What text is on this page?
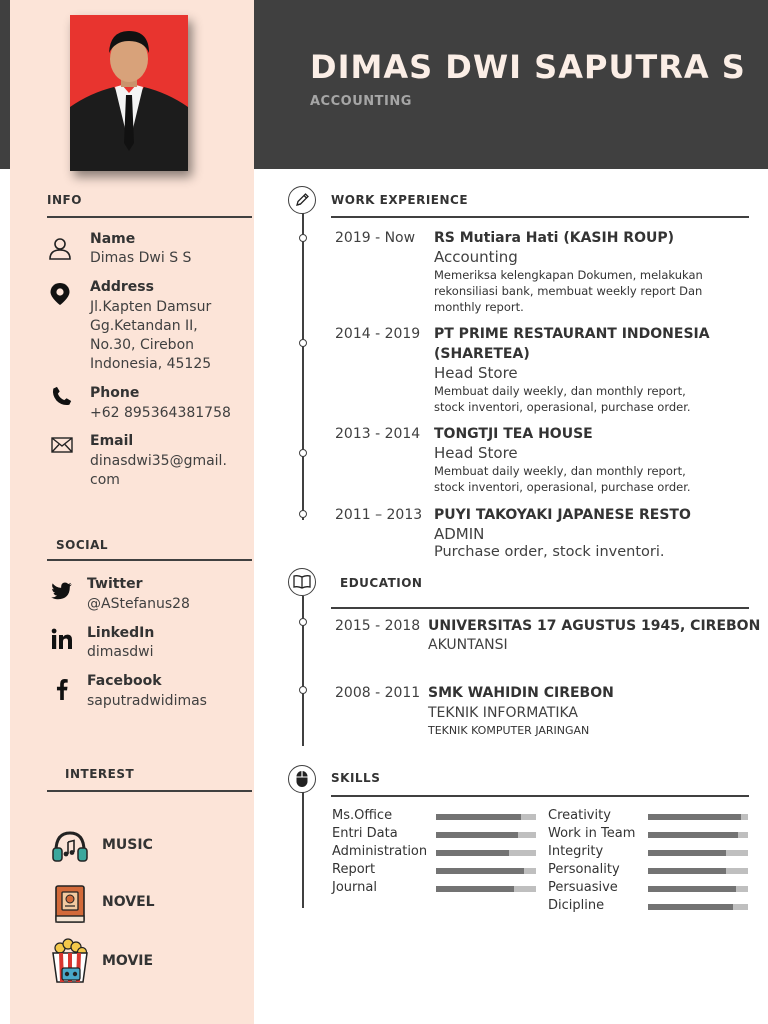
DIMAS DWI SAPUTRA S
ACCOUNTING
INFO
Name
Dimas Dwi S S
Address
Jl.Kapten Damsur
Gg.Ketandan II,
No.30, Cirebon
Indonesia, 45125
Phone
+62 895364381758
Email
dinasdwi35@gmail.
com
SOCIAL
Twitter
@AStefanus28
LinkedIn
dimasdwi
Facebook
saputradwidimas
INTEREST
MUSIC
NOVEL
MOVIE
WORK EXPERIENCE
2019 - Now RS Mutiara Hati (KASIH ROUP)
Accounting
Memeriksa kelengkapan Dokumen, melakukan
rekonsiliasi bank, membuat weekly report Dan
monthly report.
2014 - 2019 PT PRIME RESTAURANT INDONESIA
(SHARETEA)
Head Store
Membuat daily weekly, dan monthly report,
stock inventori, operasional, purchase order.
2013 - 2014 TONGTJI TEA HOUSE
Head Store
Membuat daily weekly, dan monthly report,
stock inventori, operasional, purchase order.
2011 – 2013 PUYI TAKOYAKI JAPANESE RESTO
ADMIN
Purchase order, stock inventori.
EDUCATION
2015 - 2018 UNIVERSITAS 17 AGUSTUS 1945, CIREBON
AKUNTANSI
2008 - 2011 SMK WAHIDIN CIREBON
TEKNIK INFORMATIKA
TEKNIK KOMPUTER JARINGAN
SKILLS
Ms.Office
Entri Data
Administration
Report
Journal
Creativity
Work in Team
Integrity
Personality
Persuasive
Dicipline
